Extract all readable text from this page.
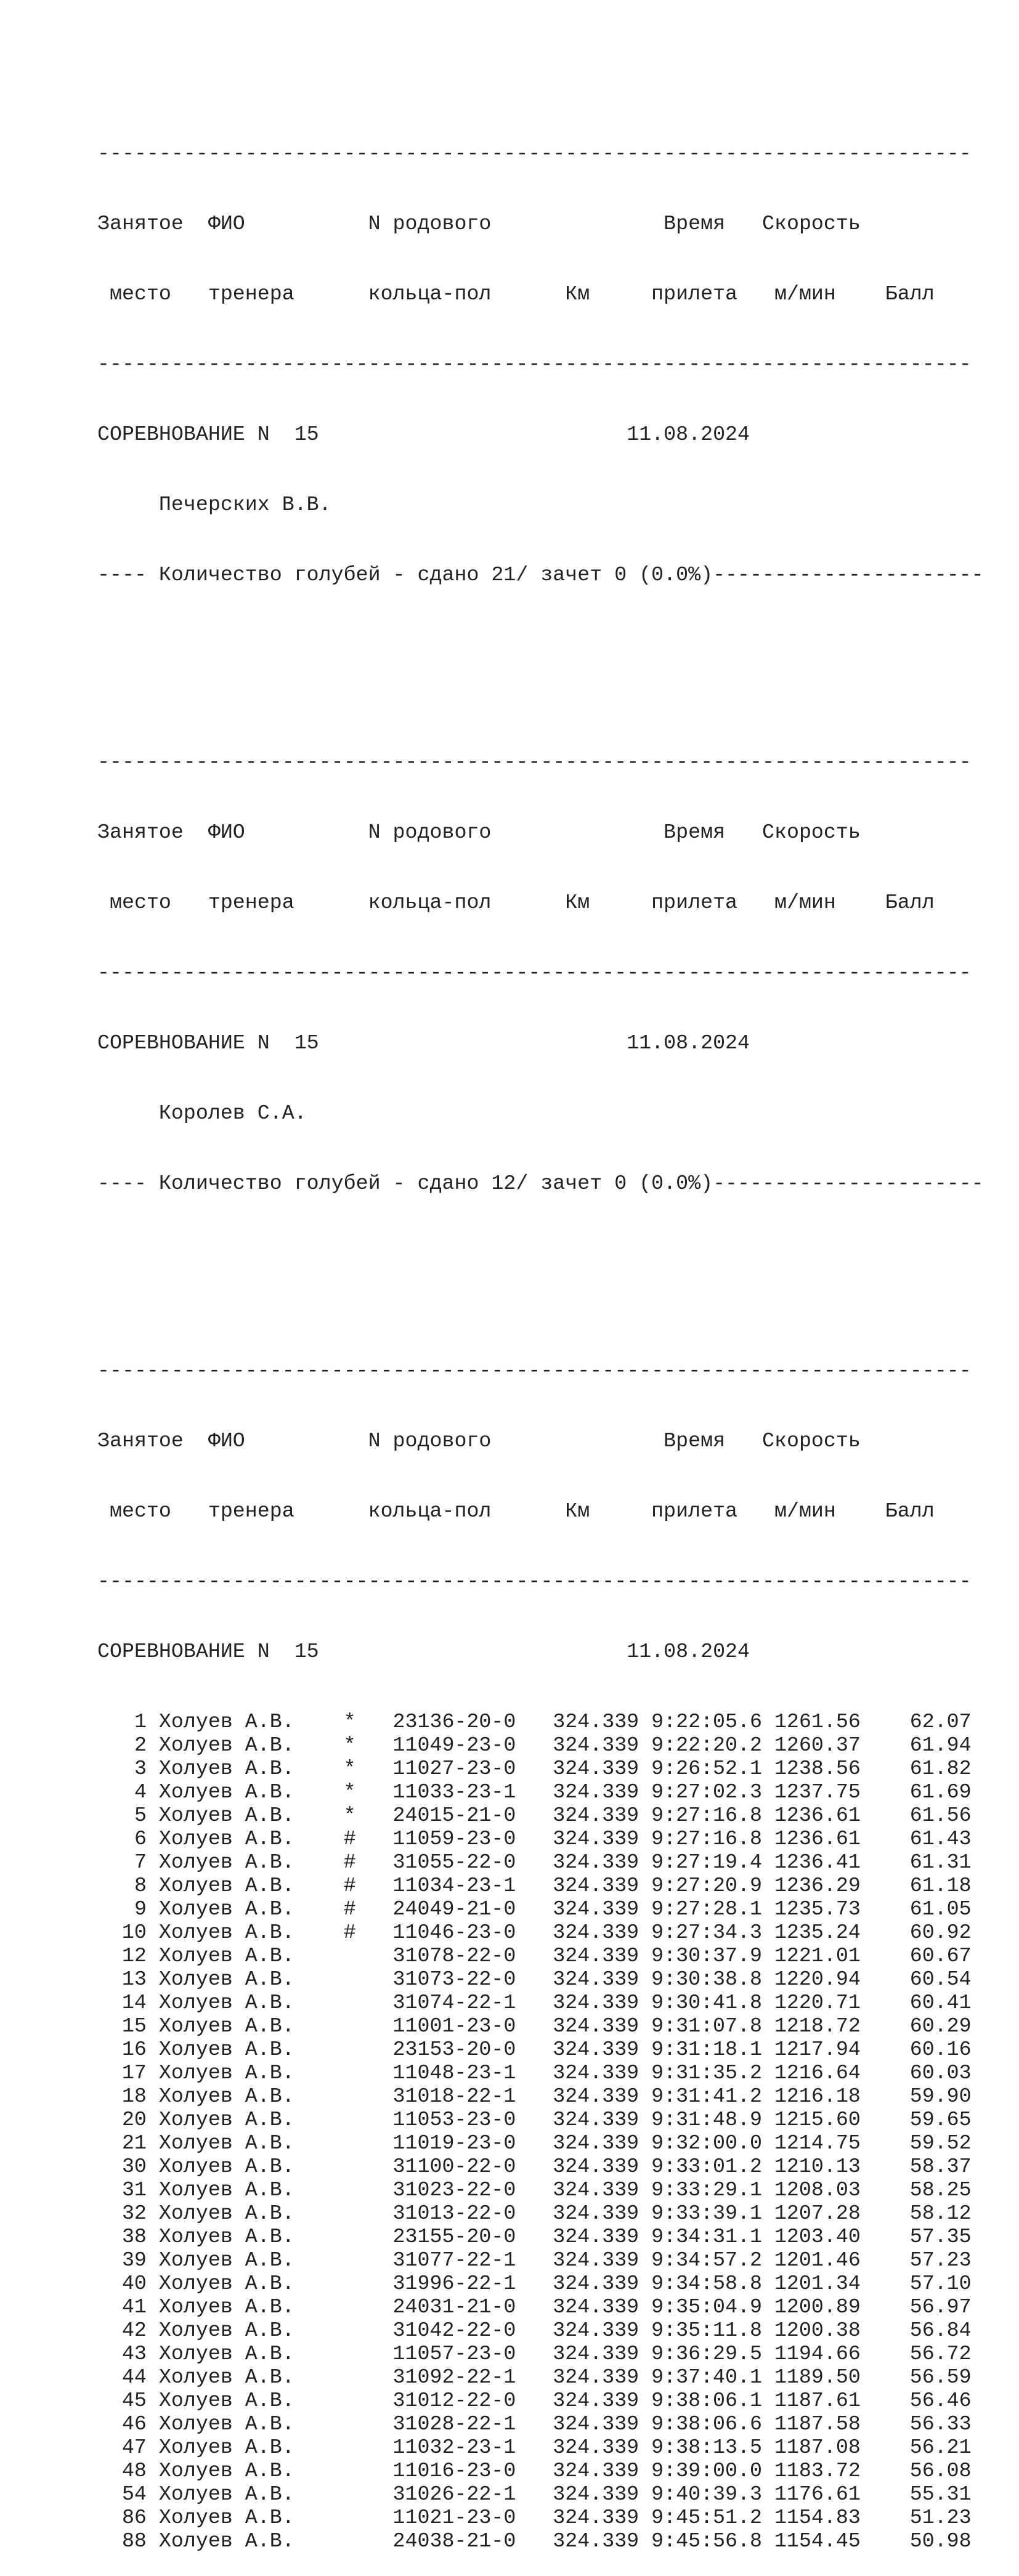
-----------------------------------------------------------------------

Занятое  ФИО          N родового              Время   Скорость

место   тренера      кольца-пол      Км     прилета   м/мин    Балл

-----------------------------------------------------------------------

СОРЕВНОВАНИЕ N  15                         11.08.2024

Печерских В.В.

---- Количество голубей - сдано 21/ зачет 0 (0.0%)----------------------

-----------------------------------------------------------------------

Занятое  ФИО          N родового              Время   Скорость

место   тренера      кольца-пол      Км     прилета   м/мин    Балл

-----------------------------------------------------------------------

СОРЕВНОВАНИЕ N  15                         11.08.2024

Королев С.А.

---- Количество голубей - сдано 12/ зачет 0 (0.0%)----------------------

-----------------------------------------------------------------------

Занятое  ФИО          N родового              Время   Скорость

место   тренера      кольца-пол      Км     прилета   м/мин    Балл

-----------------------------------------------------------------------

СОРЕВНОВАНИЕ N  15                         11.08.2024

1 Холуев А.В. * 23136-20-0 324.339 9:22:05.6 1261.56 62.07
2 Холуев А.В. * 11049-23-0 324.339 9:22:20.2 1260.37 61.94
3 Холуев А.В. * 11027-23-0 324.339 9:26:52.1 1238.56 61.82
4 Холуев А.В. * 11033-23-1 324.339 9:27:02.3 1237.75 61.69
5 Холуев А.В. * 24015-21-0 324.339 9:27:16.8 1236.61 61.56
6 Холуев А.В. # 11059-23-0 324.339 9:27:16.8 1236.61 61.43
7 Холуев А.В. # 31055-22-0 324.339 9:27:19.4 1236.41 61.31
8 Холуев А.В. # 11034-23-1 324.339 9:27:20.9 1236.29 61.18
9 Холуев А.В. # 24049-21-0 324.339 9:27:28.1 1235.73 61.05
10 Холуев А.В. # 11046-23-0 324.339 9:27:34.3 1235.24 60.92
12 Холуев А.В.	31078-22-0 324.339 9:30:37.9 1221.01 60.67
13 Холуев А.В.	31073-22-0 324.339 9:30:38.8 1220.94 60.54
14 Холуев А.В.	31074-22-1 324.339 9:30:41.8 1220.71 60.41
15 Холуев А.В.	11001-23-0 324.339 9:31:07.8 1218.72 60.29
16 Холуев А.В.	23153-20-0 324.339 9:31:18.1 1217.94 60.16
17 Холуев А.В.	11048-23-1 324.339 9:31:35.2 1216.64 60.03
18 Холуев А.В.	31018-22-1 324.339 9:31:41.2 1216.18 59.90
20 Холуев А.В.	11053-23-0 324.339 9:31:48.9 1215.60 59.65
21 Холуев А.В.	11019-23-0 324.339 9:32:00.0 1214.75 59.52
30 Холуев А.В.	31100-22-0 324.339 9:33:01.2 1210.13 58.37
31 Холуев А.В.	31023-22-0 324.339 9:33:29.1 1208.03 58.25
32 Холуев А.В.	31013-22-0 324.339 9:33:39.1 1207.28 58.12
38 Холуев А.В.	23155-20-0 324.339 9:34:31.1 1203.40 57.35
39 Холуев А.В.	31077-22-1 324.339 9:34:57.2 1201.46 57.23
40 Холуев А.В.	31996-22-1 324.339 9:34:58.8 1201.34 57.10
41 Холуев А.В.	24031-21-0 324.339 9:35:04.9 1200.89 56.97
42 Холуев А.В.	31042-22-0 324.339 9:35:11.8 1200.38 56.84
43 Холуев А.В.	11057-23-0 324.339 9:36:29.5 1194.66 56.72
44 Холуев А.В.	31092-22-1 324.339 9:37:40.1 1189.50 56.59
45 Холуев А.В.	31012-22-0 324.339 9:38:06.1 1187.61 56.46
46 Холуев А.В.	31028-22-1 324.339 9:38:06.6 1187.58 56.33
47 Холуев А.В.	11032-23-1 324.339 9:38:13.5 1187.08 56.21
48 Холуев А.В.	11016-23-0 324.339 9:39:00.0 1183.72 56.08
54 Холуев А.В.	31026-22-1 324.339 9:40:39.3 1176.61 55.31
86 Холуев А.В.	11021-23-0 324.339 9:45:51.2 1154.83 51.23
88 Холуев А.В.	24038-21-0 324.339 9:45:56.8 1154.45 50.98
